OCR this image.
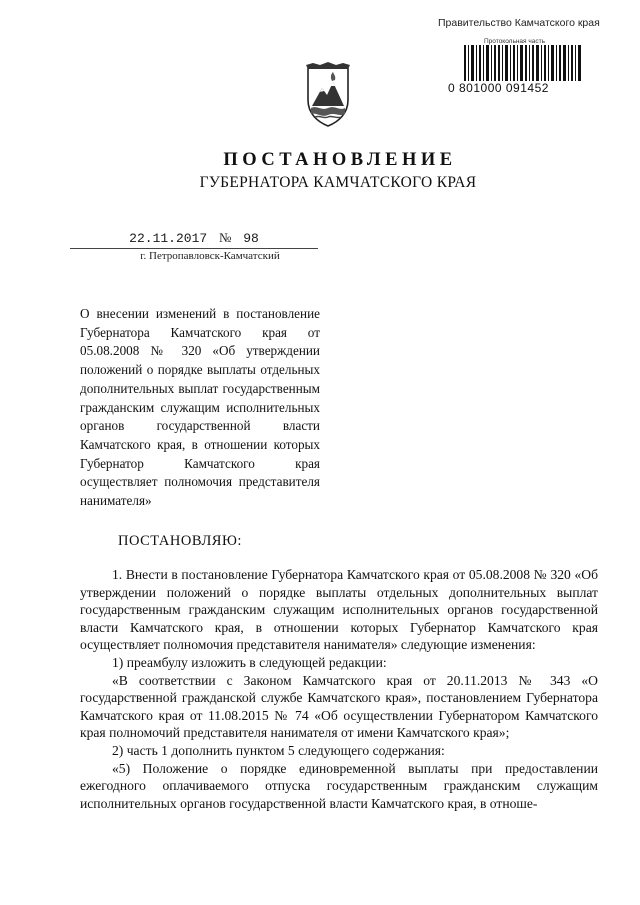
Правительство Камчатского края
Протокольная часть
0 801000 091452
ПОСТАНОВЛЕНИЕ
ГУБЕРНАТОРА КАМЧАТСКОГО КРАЯ
22.11.2017 № 98
г. Петропавловск-Камчатский
О внесении изменений в постановление Губернатора Камчатского края от 05.08.2008 № 320 «Об утверждении положений о порядке выплаты отдельных дополнительных выплат государственным гражданским служащим исполнительных органов государственной власти Камчатского края, в отношении которых Губернатор Камчатского края осуществляет полномочия представителя нанимателя»
ПОСТАНОВЛЯЮ:

1. Внести в постановление Губернатора Камчатского края от 05.08.2008 № 320 «Об утверждении положений о порядке выплаты отдельных дополнительных выплат государственным гражданским служащим исполнительных органов государственной власти Камчатского края, в отношении которых Губернатор Камчатского края осуществляет полномочия представителя нанимателя» следующие изменения:

1) преамбулу изложить в следующей редакции:

«В соответствии с Законом Камчатского края от 20.11.2013 № 343 «О государственной гражданской службе Камчатского края», постановлением Губернатора Камчатского края от 11.08.2015 № 74 «Об осуществлении Губернатором Камчатского края полномочий представителя нанимателя от имени Камчатского края»;

2) часть 1 дополнить пунктом 5 следующего содержания:

«5) Положение о порядке единовременной выплаты при предоставлении ежегодного оплачиваемого отпуска государственным гражданским служащим исполнительных органов государственной власти Камчатского края, в отноше-
